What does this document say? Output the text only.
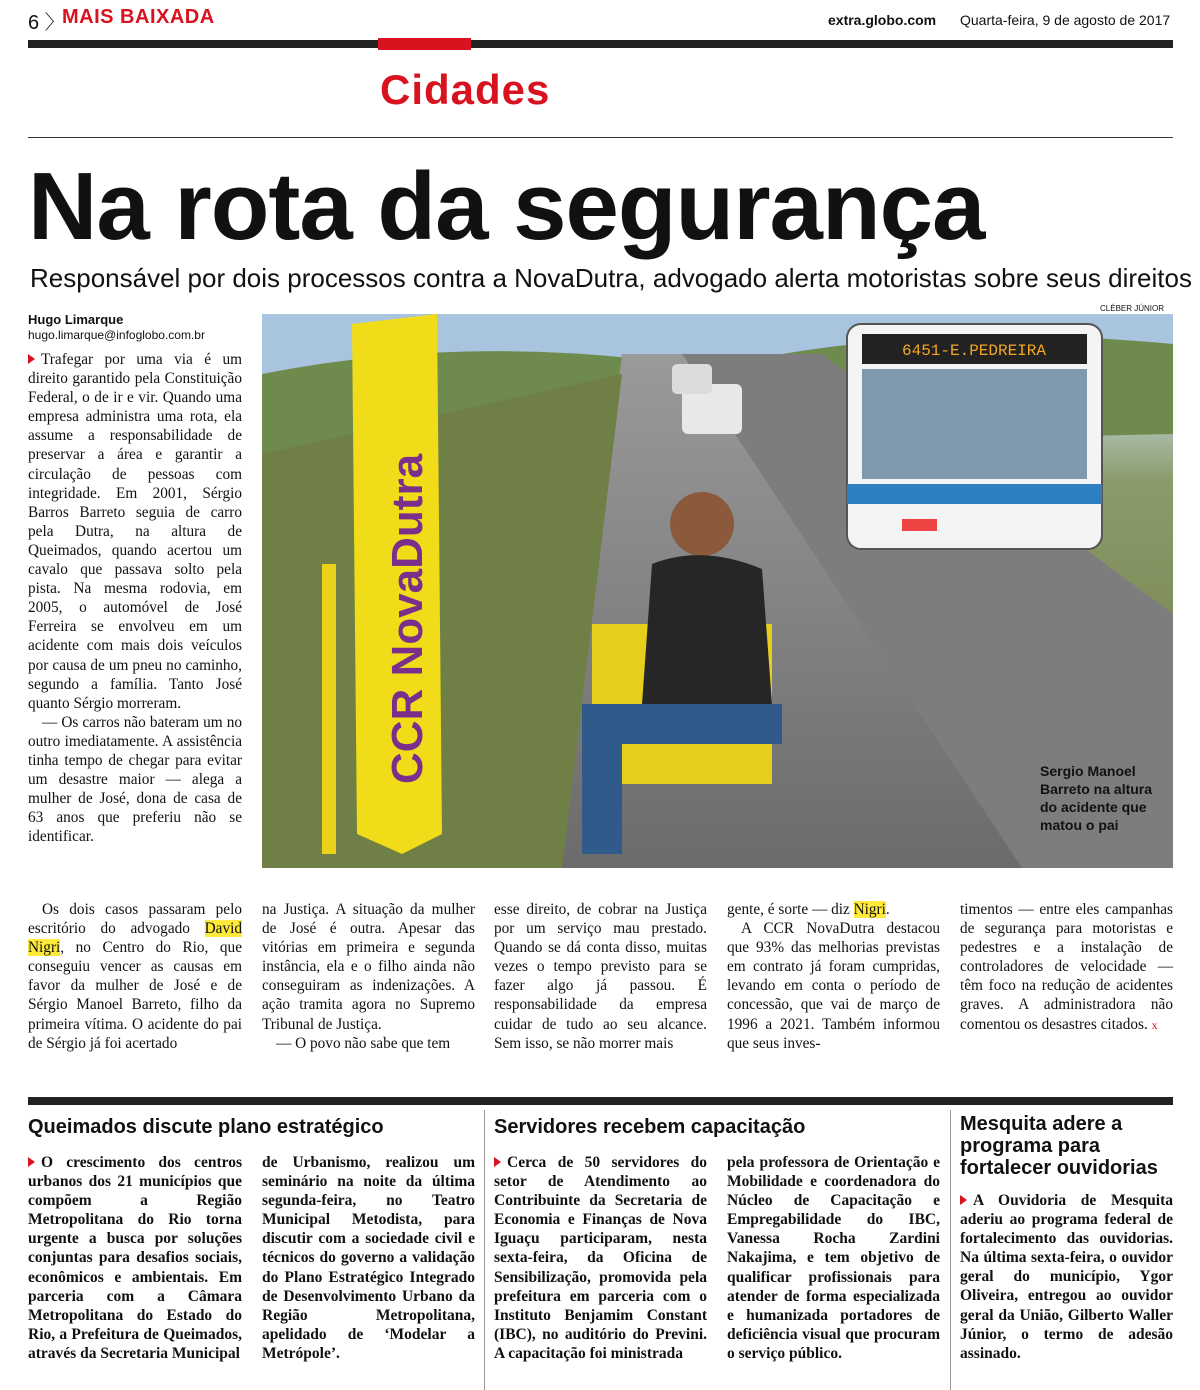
6 〉
MAIS BAIXADA	extra.globo.com Quarta-feira, 9 de agosto de 2017
Cidades
Na rota da segurança
Responsável por dois processos contra a NovaDutra, advogado alerta motoristas sobre seus direitos
Hugo Limarque
hugo.limarque@infoglobo.com.br
CLÉBER JÚNIOR
6451-E.PEDREIRA
CCR NovaDutra	Sergio Manoel Barreto na altura do acidente que matou o pai

Trafegar por uma via é um direito garantido pela Constituição Federal, o de ir e vir. Quando uma empresa administra uma rota, ela assume a responsabilidade de preservar a área e garantir a circulação de pessoas com integridade. Em 2001, Sérgio Barros Barreto seguia de carro pela Dutra, na altura de Queimados, quando acertou um cavalo que passava solto pela pista. Na mesma rodovia, em 2005, o automóvel de José Ferreira se envolveu em um acidente com mais dois veículos por causa de um pneu no caminho, segundo a família. Tanto José quanto Sérgio morreram.

— Os carros não bateram um no outro imediatamente. A assistência tinha tempo de chegar para evitar um desastre maior — alega a mulher de José, dona de casa de 63 anos que preferiu não se identificar.

Os dois casos passaram pelo escritório do advogado David Nigri, no Centro do Rio, que conseguiu vencer as causas em favor da mulher de José e de Sérgio Manoel Barreto, filho da primeira vítima. O acidente do pai de Sérgio já foi acertado

na Justiça. A situação da mulher de José é outra. Apesar das vitórias em primeira e segunda instância, ela e o filho ainda não conseguiram as indenizações. A ação tramita agora no Supremo Tribunal de Justiça.

— O povo não sabe que tem

esse direito, de cobrar na Justiça por um serviço mau prestado. Quando se dá conta disso, muitas vezes o tempo previsto para se fazer algo já passou. É responsabilidade da empresa cuidar de tudo ao seu alcance. Sem isso, se não morrer mais

gente, é sorte — diz Nigri.

A CCR NovaDutra destacou que 93% das melhorias previstas em contrato já foram cumpridas, levando em conta o período de concessão, que vai de março de 1996 a 2021. Também informou que seus inves-

timentos — entre eles campanhas de segurança para motoristas e pedestres e a instalação de controladores de velocidade — têm foco na redução de acidentes graves. A administradora não comentou os desastres citados. x

Queimados discute plano estratégico
O crescimento dos centros urbanos dos 21 municípios que compõem a Região Metropolitana do Rio torna urgente a busca por soluções conjuntas para desafios sociais, econômicos e ambientais. Em parceria com a Câmara Metropolitana do Estado do Rio, a Prefeitura de Queimados, através da Secretaria Municipal
de Urbanismo, realizou um seminário na noite da última segunda-feira, no Teatro Municipal Metodista, para discutir com a sociedade civil e técnicos do governo a validação do Plano Estratégico Integrado de Desenvolvimento Urbano da Região Metropolitana, apelidado de ‘Modelar a Metrópole’.
Servidores recebem capacitação
Cerca de 50 servidores do setor de Atendimento ao Contribuinte da Secretaria de Economia e Finanças de Nova Iguaçu participaram, nesta sexta-feira, da Oficina de Sensibilização, promovida pela prefeitura em parceria com o Instituto Benjamim Constant (IBC), no auditório do Previni. A capacitação foi ministrada
pela professora de Orientação e Mobilidade e coordenadora do Núcleo de Capacitação e Empregabilidade do IBC, Vanessa Rocha Zardini Nakajima, e tem objetivo de qualificar profissionais para atender de forma especializada e humanizada portadores de deficiência visual que procuram o serviço público.
Mesquita adere a programa para fortalecer ouvidorias
A Ouvidoria de Mesquita aderiu ao programa federal de fortalecimento das ouvidorias. Na última sexta-feira, o ouvidor geral do município, Ygor Oliveira, entregou ao ouvidor geral da União, Gilberto Waller Júnior, o termo de adesão assinado.
